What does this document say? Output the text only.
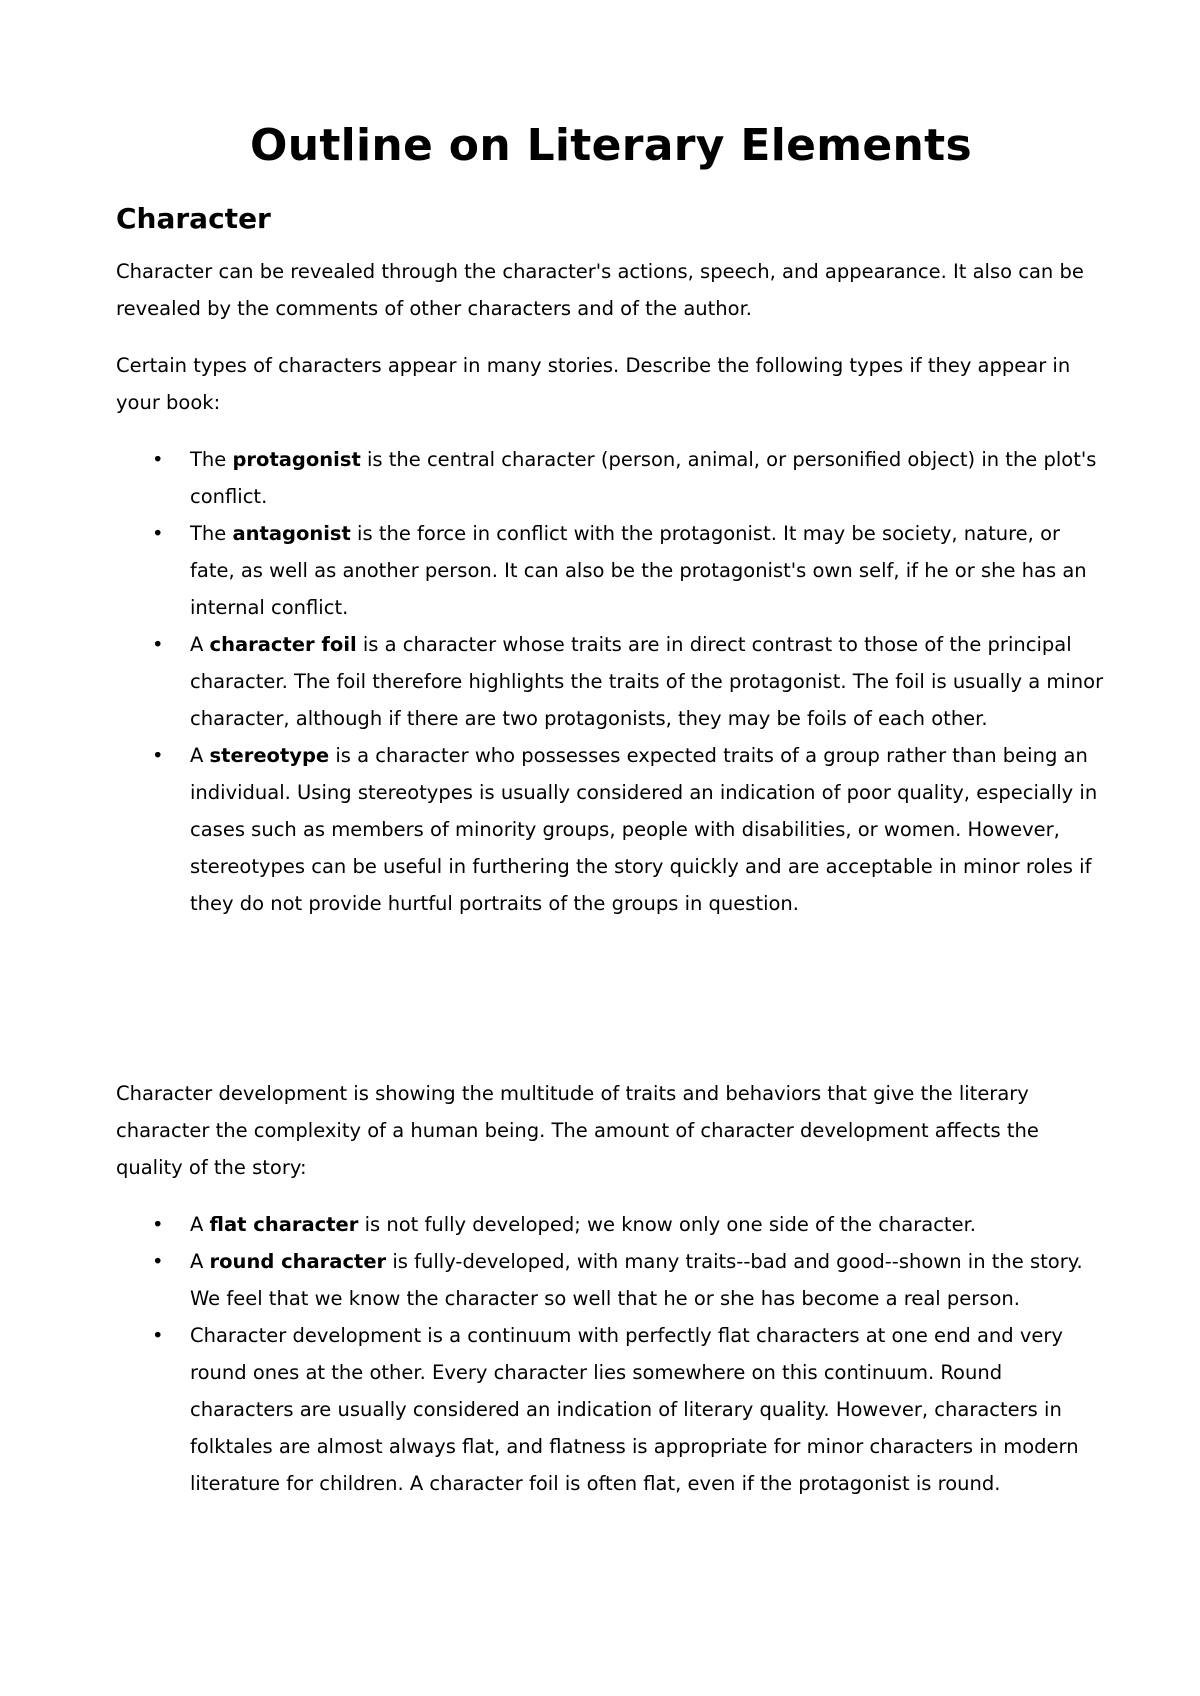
Outline on Literary Elements
Character

Character can be revealed through the character's actions, speech, and appearance. It also can be revealed by the comments of other characters and of the author.

Certain types of characters appear in many stories. Describe the following types if they appear in your book:

• The protagonist is the central character (person, animal, or personified object) in the plot's conflict.
• The antagonist is the force in conflict with the protagonist. It may be society, nature, or fate, as well as another person. It can also be the protagonist's own self, if he or she has an internal conflict.
• A character foil is a character whose traits are in direct contrast to those of the principal character. The foil therefore highlights the traits of the protagonist. The foil is usually a minor character, although if there are two protagonists, they may be foils of each other.
• A stereotype is a character who possesses expected traits of a group rather than being an individual. Using stereotypes is usually considered an indication of poor quality, especially in cases such as members of minority groups, people with disabilities, or women. However, stereotypes can be useful in furthering the story quickly and are acceptable in minor roles if they do not provide hurtful portraits of the groups in question.

Character development is showing the multitude of traits and behaviors that give the literary character the complexity of a human being. The amount of character development affects the quality of the story:

• A flat character is not fully developed; we know only one side of the character.
• A round character is fully-developed, with many traits--bad and good--shown in the story. We feel that we know the character so well that he or she has become a real person.
• Character development is a continuum with perfectly flat characters at one end and very round ones at the other. Every character lies somewhere on this continuum. Round characters are usually considered an indication of literary quality. However, characters in folktales are almost always flat, and flatness is appropriate for minor characters in modern literature for children. A character foil is often flat, even if the protagonist is round.
